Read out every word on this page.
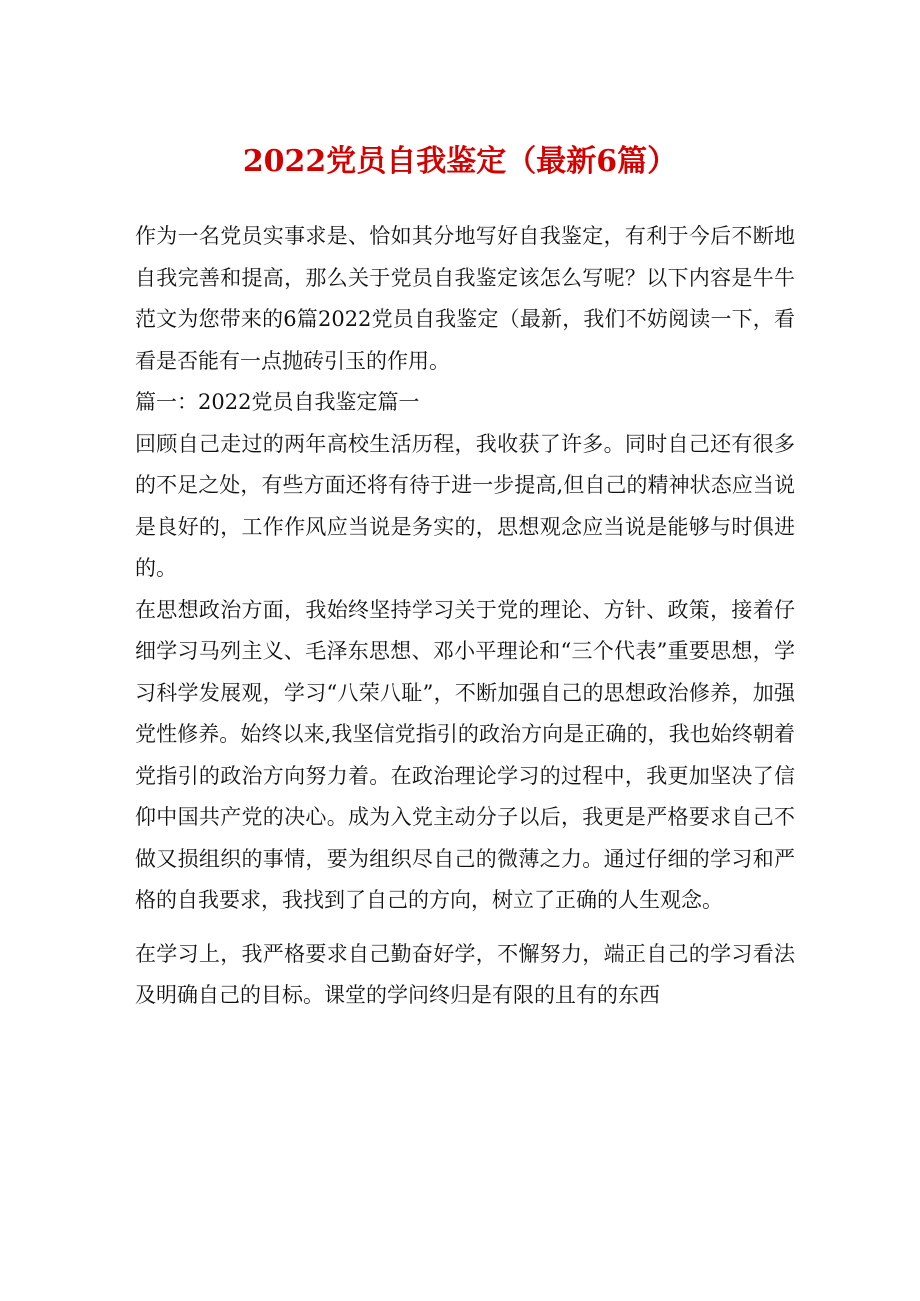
2022党员自我鉴定（最新6篇）

作为一名党员实事求是、恰如其分地写好自我鉴定，有利于今后不断地自我完善和提高，那么关于党员自我鉴定该怎么写呢？以下内容是牛牛范文为您带来的6篇2022党员自我鉴定（最新，我们不妨阅读一下，看看是否能有一点抛砖引玉的作用。

篇一：2022党员自我鉴定篇一

回顾自己走过的两年高校生活历程，我收获了许多。同时自己还有很多的不足之处，有些方面还将有待于进一步提高,但自己的精神状态应当说是良好的，工作作风应当说是务实的，思想观念应当说是能够与时俱进的。

在思想政治方面，我始终坚持学习关于党的理论、方针、政策，接着仔细学习马列主义、毛泽东思想、邓小平理论和“三个代表”重要思想，学习科学发展观，学习“八荣八耻”，不断加强自己的思想政治修养，加强党性修养。始终以来,我坚信党指引的政治方向是正确的，我也始终朝着党指引的政治方向努力着。在政治理论学习的过程中，我更加坚决了信仰中国共产党的决心。成为入党主动分子以后，我更是严格要求自己不做又损组织的事情，要为组织尽自己的微薄之力。通过仔细的学习和严格的自我要求，我找到了自己的方向，树立了正确的人生观念。

在学习上，我严格要求自己勤奋好学，不懈努力，端正自己的学习看法及明确自己的目标。课堂的学问终归是有限的且有的东西
